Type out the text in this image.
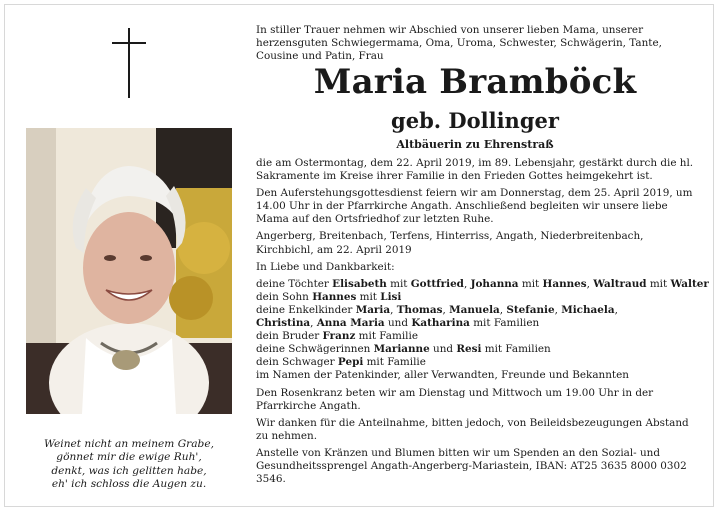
Weinet nicht an meinem Grabe,
gönnet mir die ewige Ruh',
denkt, was ich gelitten habe,
eh' ich schloss die Augen zu.
In stiller Trauer nehmen wir Abschied von unserer lieben Mama, unserer herzensguten Schwiegermama, Oma, Uroma, Schwester, Schwägerin, Tante, Cousine und Patin, Frau
Maria Bramböck
geb. Dollinger
Altbäuerin zu Ehrenstraß

die am Ostermontag, dem 22. April 2019, im 89. Lebensjahr, gestärkt durch die hl. Sakramente im Kreise ihrer Familie in den Frieden Gottes heimgekehrt ist.

Den Auferstehungsgottesdienst feiern wir am Donnerstag, dem 25. April 2019, um 14.00 Uhr in der Pfarrkirche Angath. Anschließend begleiten wir unsere liebe Mama auf den Ortsfriedhof zur letzten Ruhe.

Angerberg, Breitenbach, Terfens, Hinterriss, Angath, Niederbreitenbach, Kirchbichl, am 22. April 2019

In Liebe und Dankbarkeit:
deine Töchter Elisabeth mit Gottfried, Johanna mit Hannes, Waltraud mit Walter
dein Sohn Hannes mit Lisi
deine Enkelkinder Maria, Thomas, Manuela, Stefanie, Michaela,
Christina, Anna Maria und Katharina mit Familien
dein Bruder Franz mit Familie
deine Schwägerinnen Marianne und Resi mit Familien
dein Schwager Pepi mit Familie
im Namen der Patenkinder, aller Verwandten, Freunde und Bekannten

Den Rosenkranz beten wir am Dienstag und Mittwoch um 19.00 Uhr in der Pfarrkirche Angath.

Wir danken für die Anteilnahme, bitten jedoch, von Beileidsbezeugungen Abstand zu nehmen.

Anstelle von Kränzen und Blumen bitten wir um Spenden an den Sozial- und Gesundheitssprengel Angath-Angerberg-Mariastein, IBAN: AT25 3635 8000 0302 3546.
